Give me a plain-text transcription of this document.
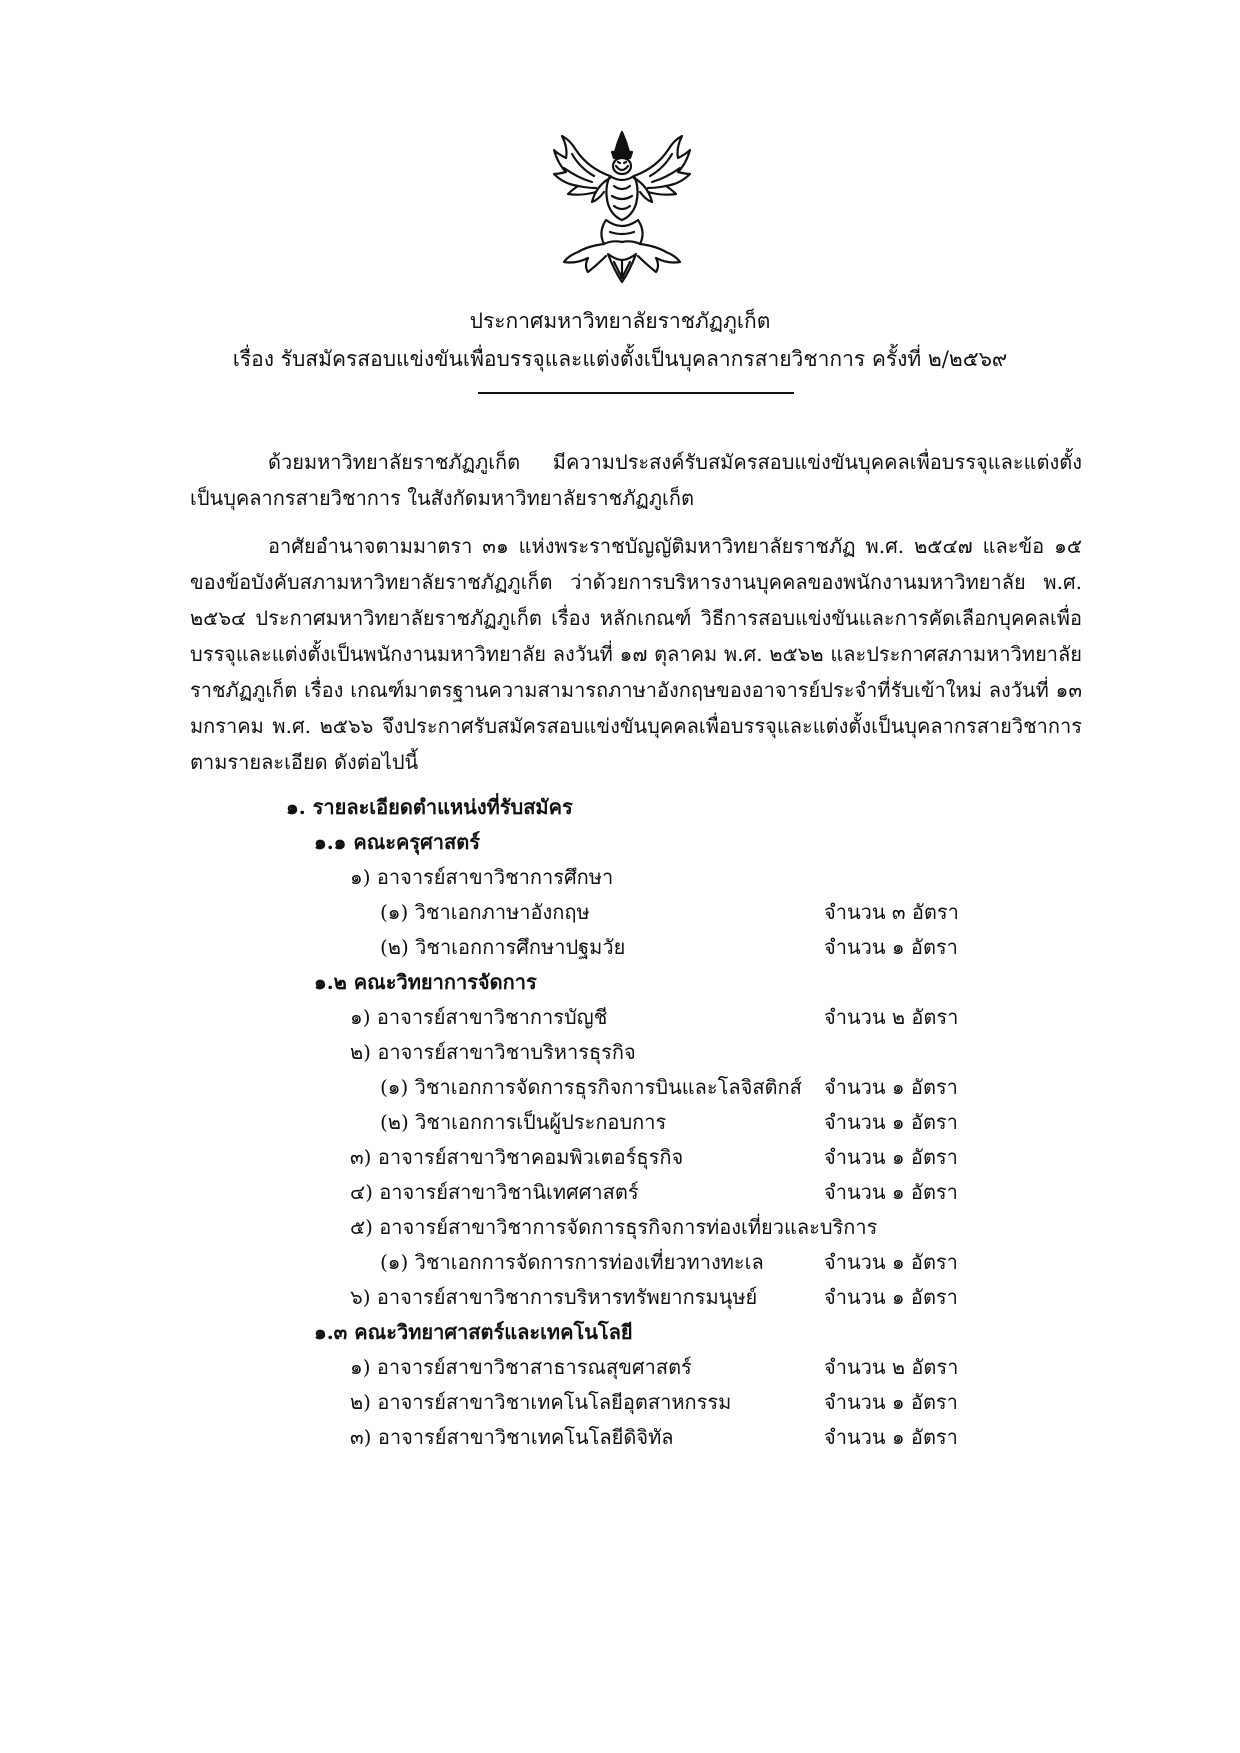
ประกาศมหาวิทยาลัยราชภัฏภูเก็ต
เรื่อง รับสมัครสอบแข่งขันเพื่อบรรจุและแต่งตั้งเป็นบุคลากรสายวิชาการ ครั้งที่ ๒/๒๕๖๙
ด้วยมหาวิทยาลัยราชภัฏภูเก็ต มีความประสงค์รับสมัครสอบแข่งขันบุคคลเพื่อบรรจุและแต่งตั้งเป็นบุคลากรสายวิชาการ ในสังกัดมหาวิทยาลัยราชภัฏภูเก็ต
อาศัยอำนาจตามมาตรา ๓๑ แห่งพระราชบัญญัติมหาวิทยาลัยราชภัฏ พ.ศ. ๒๕๔๗ และข้อ ๑๕ ของข้อบังคับสภามหาวิทยาลัยราชภัฏภูเก็ต ว่าด้วยการบริหารงานบุคคลของพนักงานมหาวิทยาลัย พ.ศ. ๒๕๖๔ ประกาศมหาวิทยาลัยราชภัฏภูเก็ต เรื่อง หลักเกณฑ์ วิธีการสอบแข่งขันและการคัดเลือกบุคคลเพื่อบรรจุและแต่งตั้งเป็นพนักงานมหาวิทยาลัย ลงวันที่ ๑๗ ตุลาคม พ.ศ. ๒๕๖๒ และประกาศสภามหาวิทยาลัยราชภัฏภูเก็ต เรื่อง เกณฑ์มาตรฐานความสามารถภาษาอังกฤษของอาจารย์ประจำที่รับเข้าใหม่ ลงวันที่ ๑๓ มกราคม พ.ศ. ๒๕๖๖ จึงประกาศรับสมัครสอบแข่งขันบุคคลเพื่อบรรจุและแต่งตั้งเป็นบุคลากรสายวิชาการ ตามรายละเอียด ดังต่อไปนี้
๑. รายละเอียดตำแหน่งที่รับสมัคร
๑.๑ คณะครุศาสตร์
๑) อาจารย์สาขาวิชาการศึกษา
(๑) วิชาเอกภาษาอังกฤษ	จำนวน ๓ อัตรา
(๒) วิชาเอกการศึกษาปฐมวัย	จำนวน ๑ อัตรา
๑.๒ คณะวิทยาการจัดการ
๑) อาจารย์สาขาวิชาการบัญชี	จำนวน ๒ อัตรา
๒) อาจารย์สาขาวิชาบริหารธุรกิจ
(๑) วิชาเอกการจัดการธุรกิจการบินและโลจิสติกส์ จำนวน ๑ อัตรา
(๒) วิชาเอกการเป็นผู้ประกอบการ	จำนวน ๑ อัตรา
๓) อาจารย์สาขาวิชาคอมพิวเตอร์ธุรกิจ	จำนวน ๑ อัตรา
๔) อาจารย์สาขาวิชานิเทศศาสตร์	จำนวน ๑ อัตรา
๕) อาจารย์สาขาวิชาการจัดการธุรกิจการท่องเที่ยวและบริการ
(๑) วิชาเอกการจัดการการท่องเที่ยวทางทะเล	จำนวน ๑ อัตรา
๖) อาจารย์สาขาวิชาการบริหารทรัพยากรมนุษย์	จำนวน ๑ อัตรา
๑.๓ คณะวิทยาศาสตร์และเทคโนโลยี
๑) อาจารย์สาขาวิชาสาธารณสุขศาสตร์	จำนวน ๒ อัตรา
๒) อาจารย์สาขาวิชาเทคโนโลยีอุตสาหกรรม	จำนวน ๑ อัตรา
๓) อาจารย์สาขาวิชาเทคโนโลยีดิจิทัล	จำนวน ๑ อัตรา
